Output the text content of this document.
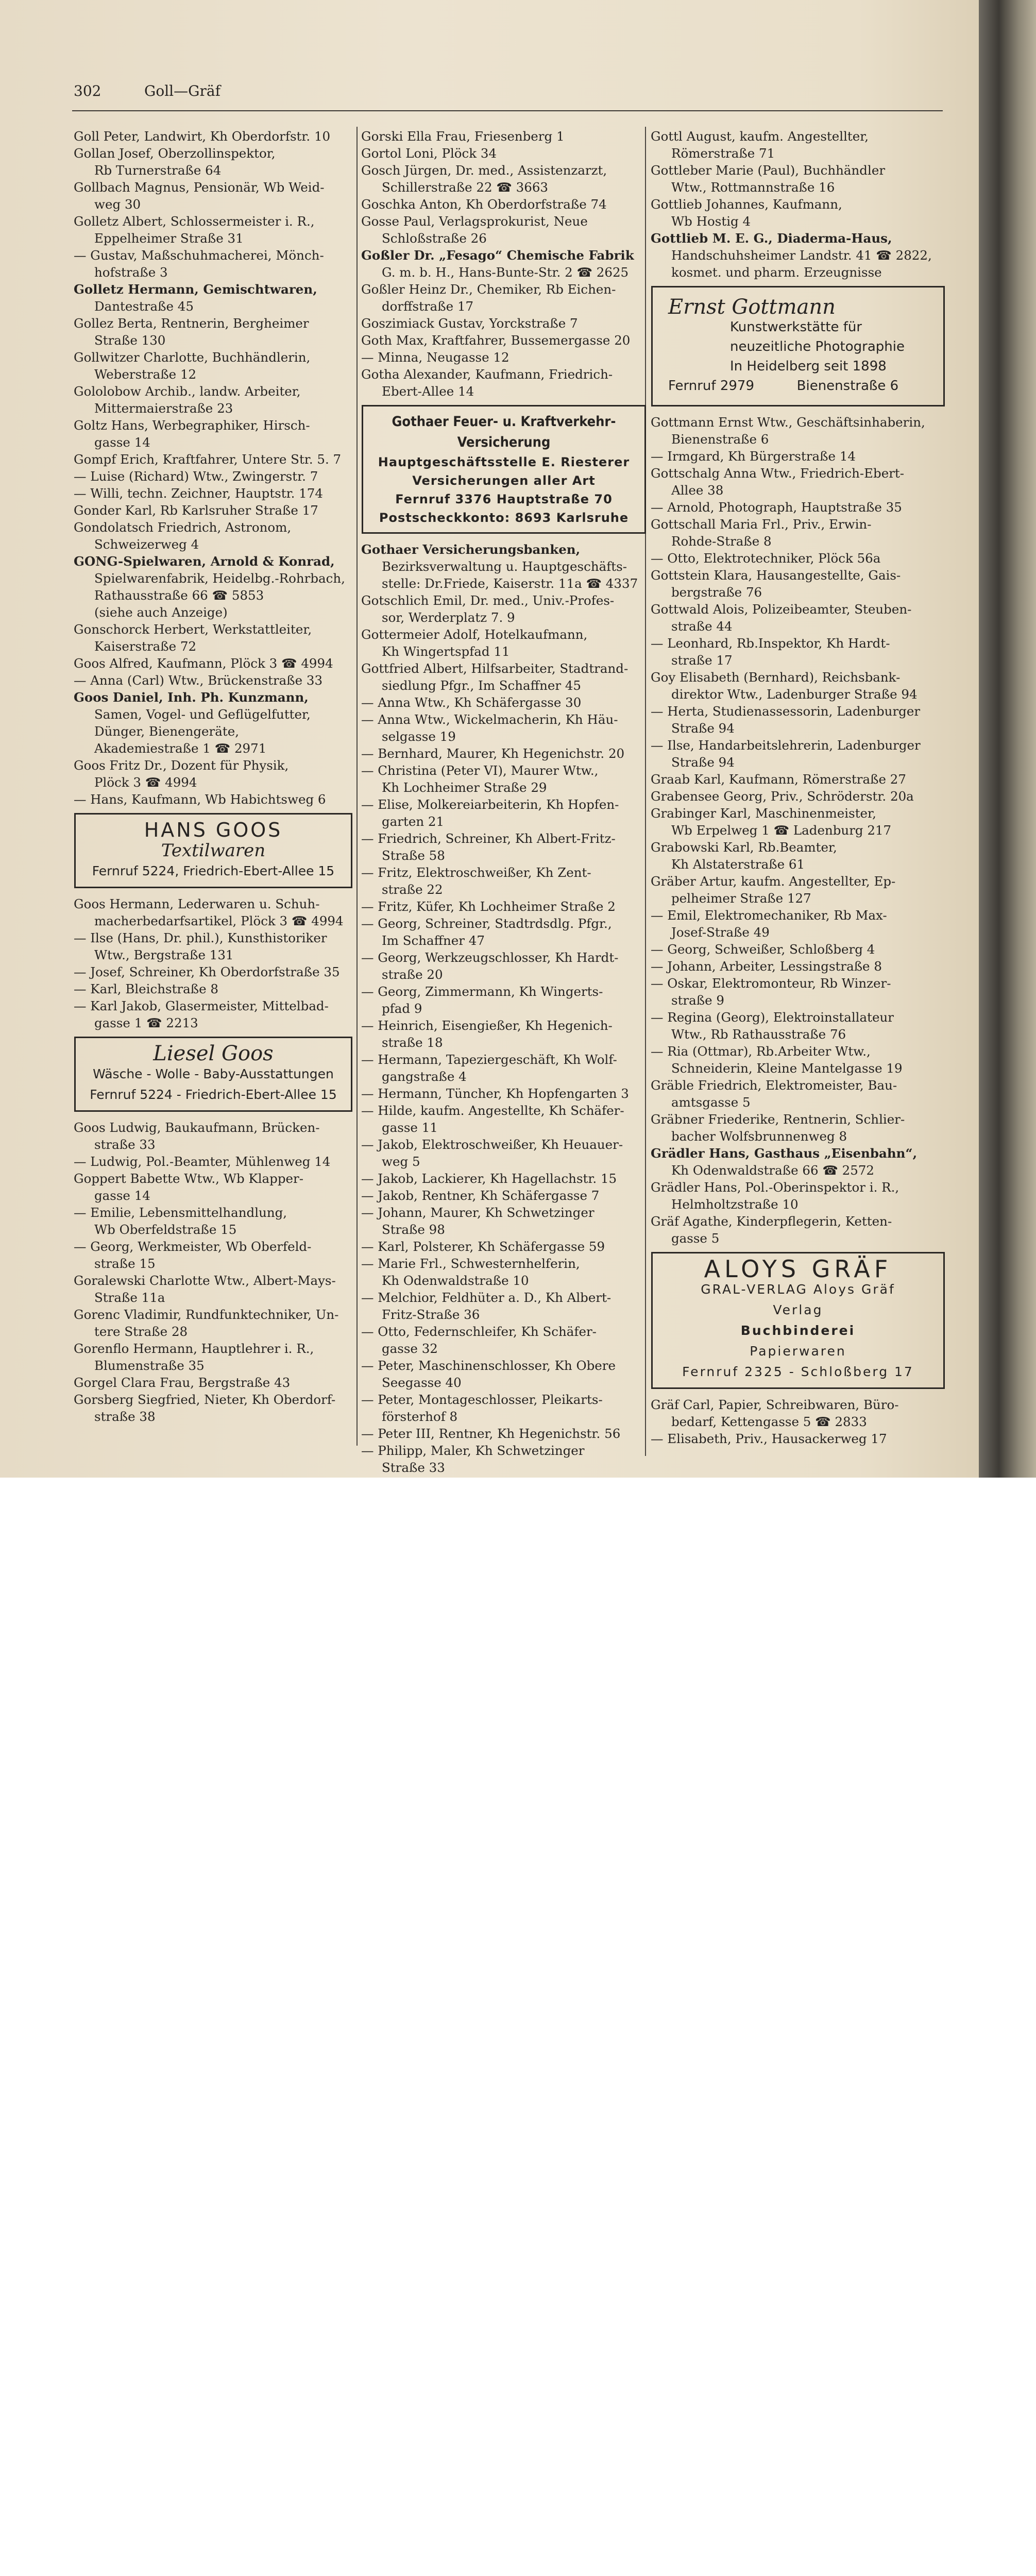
302	Goll—Gräf
Goll Peter, Landwirt, Kh Oberdorfstr. 10
Gollan Josef, Oberzollinspektor,
Rb Turnerstraße 64
Gollbach Magnus, Pensionär, Wb Weid-
weg 30
Golletz Albert, Schlossermeister i. R.,
Eppelheimer Straße 31
— Gustav, Maßschuhmacherei, Mönch-
hofstraße 3
Golletz Hermann, Gemischtwaren,
Dantestraße 45
Gollez Berta, Rentnerin, Bergheimer
Straße 130
Gollwitzer Charlotte, Buchhändlerin,
Weberstraße 12
Gololobow Archib., landw. Arbeiter,
Mittermaierstraße 23
Goltz Hans, Werbegraphiker, Hirsch-
gasse 14
Gompf Erich, Kraftfahrer, Untere Str. 5. 7
— Luise (Richard) Wtw., Zwingerstr. 7
— Willi, techn. Zeichner, Hauptstr. 174
Gonder Karl, Rb Karlsruher Straße 17
Gondolatsch Friedrich, Astronom,
Schweizerweg 4
GONG-Spielwaren, Arnold & Konrad,
Spielwarenfabrik, Heidelbg.-Rohrbach,
Rathausstraße 66 ☎ 5853
(siehe auch Anzeige)
Gonschorck Herbert, Werkstattleiter,
Kaiserstraße 72
Goos Alfred, Kaufmann, Plöck 3 ☎ 4994
— Anna (Carl) Wtw., Brückenstraße 33
Goos Daniel, Inh. Ph. Kunzmann,
Samen, Vogel- und Geflügelfutter,
Dünger, Bienengeräte,
Akademiestraße 1 ☎ 2971
Goos Fritz Dr., Dozent für Physik,
Plöck 3 ☎ 4994
— Hans, Kaufmann, Wb Habichtsweg 6
HANS GOOS
Textilwaren
Fernruf 5224, Friedrich-Ebert-Allee 15
Goos Hermann, Lederwaren u. Schuh-
macherbedarfsartikel, Plöck 3 ☎ 4994
— Ilse (Hans, Dr. phil.), Kunsthistoriker
Wtw., Bergstraße 131
— Josef, Schreiner, Kh Oberdorfstraße 35
— Karl, Bleichstraße 8
— Karl Jakob, Glasermeister, Mittelbad-
gasse 1 ☎ 2213
Liesel Goos
Wäsche - Wolle - Baby-Ausstattungen
Fernruf 5224 - Friedrich-Ebert-Allee 15
Goos Ludwig, Baukaufmann, Brücken-
straße 33
— Ludwig, Pol.-Beamter, Mühlenweg 14
Goppert Babette Wtw., Wb Klapper-
gasse 14
— Emilie, Lebensmittelhandlung,
Wb Oberfeldstraße 15
— Georg, Werkmeister, Wb Oberfeld-
straße 15
Goralewski Charlotte Wtw., Albert-Mays-
Straße 11a
Gorenc Vladimir, Rundfunktechniker, Un-
tere Straße 28
Gorenflo Hermann, Hauptlehrer i. R.,
Blumenstraße 35
Gorgel Clara Frau, Bergstraße 43
Gorsberg Siegfried, Nieter, Kh Oberdorf-
straße 38
Gorski Ella Frau, Friesenberg 1
Gortol Loni, Plöck 34
Gosch Jürgen, Dr. med., Assistenzarzt,
Schillerstraße 22 ☎ 3663
Goschka Anton, Kh Oberdorfstraße 74
Gosse Paul, Verlagsprokurist, Neue
Schloßstraße 26
Goßler Dr. „Fesago“ Chemische Fabrik
G. m. b. H., Hans-Bunte-Str. 2 ☎ 2625
Goßler Heinz Dr., Chemiker, Rb Eichen-
dorffstraße 17
Goszimiack Gustav, Yorckstraße 7
Goth Max, Kraftfahrer, Bussemergasse 20
— Minna, Neugasse 12
Gotha Alexander, Kaufmann, Friedrich-
Ebert-Allee 14
Gothaer Feuer- u. Kraftverkehr-Versicherung
Hauptgeschäftsstelle E. Riesterer
Versicherungen aller Art
Fernruf 3376 Hauptstraße 70
Postscheckkonto: 8693 Karlsruhe
Gothaer Versicherungsbanken,
Bezirksverwaltung u. Hauptgeschäfts-
stelle: Dr.Friede, Kaiserstr. 11a ☎ 4337
Gotschlich Emil, Dr. med., Univ.-Profes-
sor, Werderplatz 7. 9
Gottermeier Adolf, Hotelkaufmann,
Kh Wingertspfad 11
Gottfried Albert, Hilfsarbeiter, Stadtrand-
siedlung Pfgr., Im Schaffner 45
— Anna Wtw., Kh Schäfergasse 30
— Anna Wtw., Wickelmacherin, Kh Häu-
selgasse 19
— Bernhard, Maurer, Kh Hegenichstr. 20
— Christina (Peter VI), Maurer Wtw.,
Kh Lochheimer Straße 29
— Elise, Molkereiarbeiterin, Kh Hopfen-
garten 21
— Friedrich, Schreiner, Kh Albert-Fritz-
Straße 58
— Fritz, Elektroschweißer, Kh Zent-
straße 22
— Fritz, Küfer, Kh Lochheimer Straße 2
— Georg, Schreiner, Stadtrdsdlg. Pfgr.,
Im Schaffner 47
— Georg, Werkzeugschlosser, Kh Hardt-
straße 20
— Georg, Zimmermann, Kh Wingerts-
pfad 9
— Heinrich, Eisengießer, Kh Hegenich-
straße 18
— Hermann, Tapeziergeschäft, Kh Wolf-
gangstraße 4
— Hermann, Tüncher, Kh Hopfengarten 3
— Hilde, kaufm. Angestellte, Kh Schäfer-
gasse 11
— Jakob, Elektroschweißer, Kh Heuauer-
weg 5
— Jakob, Lackierer, Kh Hagellachstr. 15
— Jakob, Rentner, Kh Schäfergasse 7
— Johann, Maurer, Kh Schwetzinger
Straße 98
— Karl, Polsterer, Kh Schäfergasse 59
— Marie Frl., Schwesternhelferin,
Kh Odenwaldstraße 10
— Melchior, Feldhüter a. D., Kh Albert-
Fritz-Straße 36
— Otto, Federnschleifer, Kh Schäfer-
gasse 32
— Peter, Maschinenschlosser, Kh Obere
Seegasse 40
— Peter, Montageschlosser, Pleikarts-
försterhof 8
— Peter III, Rentner, Kh Hegenichstr. 56
— Philipp, Maler, Kh Schwetzinger
Straße 33
Gottl August, kaufm. Angestellter,
Römerstraße 71
Gottleber Marie (Paul), Buchhändler
Wtw., Rottmannstraße 16
Gottlieb Johannes, Kaufmann,
Wb Hostig 4
Gottlieb M. E. G., Diaderma-Haus,
Handschuhsheimer Landstr. 41 ☎ 2822,
kosmet. und pharm. Erzeugnisse
Ernst Gottmann
Kunstwerkstätte für
neuzeitliche Photographie
In Heidelberg seit 1898
Fernruf 2979          Bienenstraße 6
Gottmann Ernst Wtw., Geschäftsinhaberin,
Bienenstraße 6
— Irmgard, Kh Bürgerstraße 14
Gottschalg Anna Wtw., Friedrich-Ebert-
Allee 38
— Arnold, Photograph, Hauptstraße 35
Gottschall Maria Frl., Priv., Erwin-
Rohde-Straße 8
— Otto, Elektrotechniker, Plöck 56a
Gottstein Klara, Hausangestellte, Gais-
bergstraße 76
Gottwald Alois, Polizeibeamter, Steuben-
straße 44
— Leonhard, Rb.Inspektor, Kh Hardt-
straße 17
Goy Elisabeth (Bernhard), Reichsbank-
direktor Wtw., Ladenburger Straße 94
— Herta, Studienassessorin, Ladenburger
Straße 94
— Ilse, Handarbeitslehrerin, Ladenburger
Straße 94
Graab Karl, Kaufmann, Römerstraße 27
Grabensee Georg, Priv., Schröderstr. 20a
Grabinger Karl, Maschinenmeister,
Wb Erpelweg 1 ☎ Ladenburg 217
Grabowski Karl, Rb.Beamter,
Kh Alstaterstraße 61
Gräber Artur, kaufm. Angestellter, Ep-
pelheimer Straße 127
— Emil, Elektromechaniker, Rb Max-
Josef-Straße 49
— Georg, Schweißer, Schloßberg 4
— Johann, Arbeiter, Lessingstraße 8
— Oskar, Elektromonteur, Rb Winzer-
straße 9
— Regina (Georg), Elektroinstallateur
Wtw., Rb Rathausstraße 76
— Ria (Ottmar), Rb.Arbeiter Wtw.,
Schneiderin, Kleine Mantelgasse 19
Gräble Friedrich, Elektromeister, Bau-
amtsgasse 5
Gräbner Friederike, Rentnerin, Schlier-
bacher Wolfsbrunnenweg 8
Grädler Hans, Gasthaus „Eisenbahn“,
Kh Odenwaldstraße 66 ☎ 2572
Grädler Hans, Pol.-Oberinspektor i. R.,
Helmholtzstraße 10
Gräf Agathe, Kinderpflegerin, Ketten-
gasse 5
ALOYS GRÄF
GRAL-VERLAG Aloys Gräf
Verlag
Buchbinderei
Papierwaren
Fernruf 2325 - Schloßberg 17
Gräf Carl, Papier, Schreibwaren, Büro-
bedarf, Kettengasse 5 ☎ 2833
— Elisabeth, Priv., Hausackerweg 17
